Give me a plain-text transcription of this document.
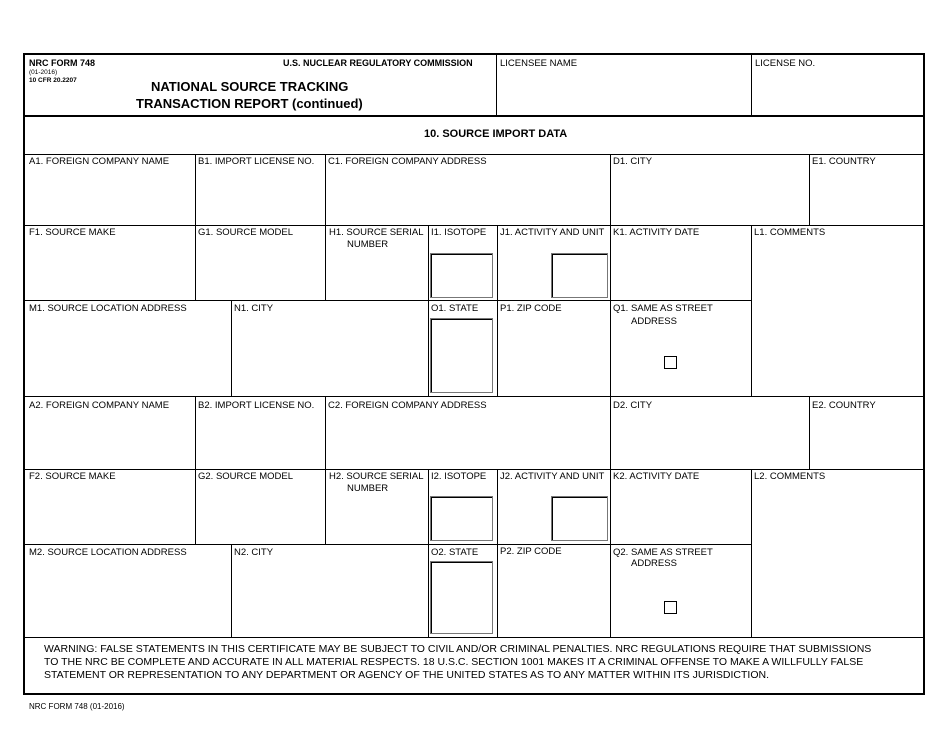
NRC FORM 748
(01-2016)
10 CFR 20.2207
U.S. NUCLEAR REGULATORY COMMISSION
NATIONAL SOURCE TRACKING
TRANSACTION REPORT (continued)
LICENSEE NAME	LICENSE NO.
10. SOURCE IMPORT DATA
A1. FOREIGN COMPANY NAME	B1. IMPORT LICENSE NO. C1. FOREIGN COMPANY ADDRESS	D1. CITY	E1. COUNTRY
F1. SOURCE MAKE	G1. SOURCE MODEL	H1. SOURCE SERIAL
NUMBER
I1. ISOTOPE J1. ACTIVITY AND UNIT K1. ACTIVITY DATE	L1. COMMENTS
M1. SOURCE LOCATION ADDRESS	N1. CITY	O1. STATE P1. ZIP CODE	Q1. SAME AS STREET
ADDRESS
A2. FOREIGN COMPANY NAME	B2. IMPORT LICENSE NO. C2. FOREIGN COMPANY ADDRESS	D2. CITY	E2. COUNTRY
F2. SOURCE MAKE	G2. SOURCE MODEL	H2. SOURCE SERIAL
NUMBER
I2. ISOTOPE J2. ACTIVITY AND UNIT K2. ACTIVITY DATE	L2. COMMENTS
M2. SOURCE LOCATION ADDRESS	N2. CITY	O2. STATE P2. ZIP CODE	Q2. SAME AS STREET
ADDRESS
WARNING: FALSE STATEMENTS IN THIS CERTIFICATE MAY BE SUBJECT TO CIVIL AND/OR CRIMINAL PENALTIES. NRC REGULATIONS REQUIRE THAT SUBMISSIONS
TO THE NRC BE COMPLETE AND ACCURATE IN ALL MATERIAL RESPECTS. 18 U.S.C. SECTION 1001 MAKES IT A CRIMINAL OFFENSE TO MAKE A WILLFULLY FALSE
STATEMENT OR REPRESENTATION TO ANY DEPARTMENT OR AGENCY OF THE UNITED STATES AS TO ANY MATTER WITHIN ITS JURISDICTION.
NRC FORM 748 (01-2016)
